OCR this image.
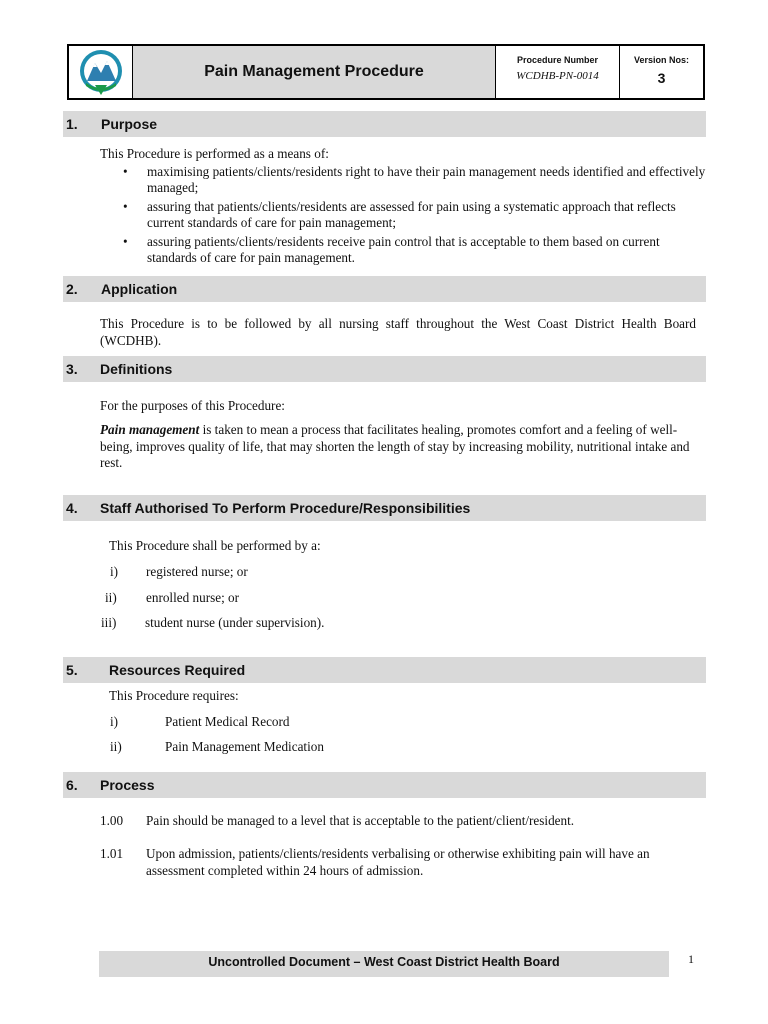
Pain Management Procedure
Procedure Number
WCDHB-PN-0014
Version Nos:
3
1. Purpose
This Procedure is performed as a means of:
• maximising patients/clients/residents right to have their pain management needs identified and effectively managed;
• assuring that patients/clients/residents are assessed for pain using a systematic approach that reflects current standards of care for pain management;
• assuring patients/clients/residents receive pain control that is acceptable to them based on current standards of care for pain management.
2. Application
This Procedure is to be followed by all nursing staff throughout the West Coast District Health Board (WCDHB).
3. Definitions
For the purposes of this Procedure:
Pain management is taken to mean a process that facilitates healing, promotes comfort and a feeling of well-being, improves quality of life, that may shorten the length of stay by increasing mobility, nutritional intake and rest.
4. Staff Authorised To Perform Procedure/Responsibilities
This Procedure shall be performed by a:
i) registered nurse; or
ii) enrolled nurse; or
iii) student nurse (under supervision).
5. Resources Required
This Procedure requires:
i)	Patient Medical Record
ii)	Pain Management Medication
6. Process
1.00 Pain should be managed to a level that is acceptable to the patient/client/resident.
1.01 Upon admission, patients/clients/residents verbalising or otherwise exhibiting pain will have an assessment completed within 24 hours of admission.
Uncontrolled Document – West Coast District Health Board	1
